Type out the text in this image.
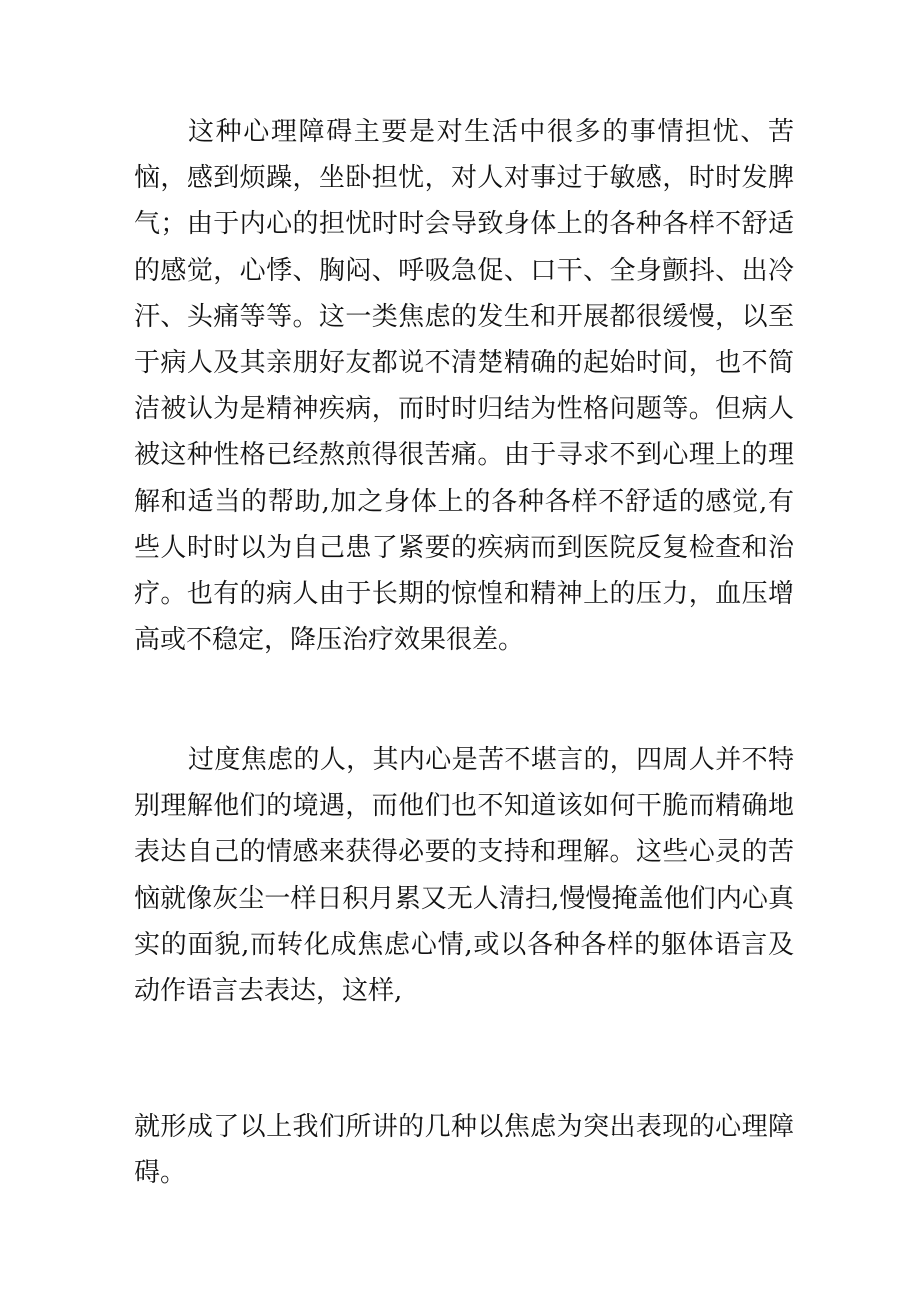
这种心理障碍主要是对生活中很多的事情担忧、苦恼，感到烦躁，坐卧担忧，对人对事过于敏感，时时发脾气；由于内心的担忧时时会导致身体上的各种各样不舒适的感觉，心悸、胸闷、呼吸急促、口干、全身颤抖、出冷汗、头痛等等。这一类焦虑的发生和开展都很缓慢，以至于病人及其亲朋好友都说不清楚精确的起始时间，也不简洁被认为是精神疾病，而时时归结为性格问题等。但病人被这种性格已经熬煎得很苦痛。由于寻求不到心理上的理解和适当的帮助,加之身体上的各种各样不舒适的感觉,有些人时时以为自己患了紧要的疾病而到医院反复检查和治疗。也有的病人由于长期的惊惶和精神上的压力，血压增高或不稳定，降压治疗效果很差。

过度焦虑的人，其内心是苦不堪言的，四周人并不特别理解他们的境遇，而他们也不知道该如何干脆而精确地表达自己的情感来获得必要的支持和理解。这些心灵的苦恼就像灰尘一样日积月累又无人清扫,慢慢掩盖他们内心真实的面貌,而转化成焦虑心情,或以各种各样的躯体语言及动作语言去表达，这样,

就形成了以上我们所讲的几种以焦虑为突出表现的心理障碍。
